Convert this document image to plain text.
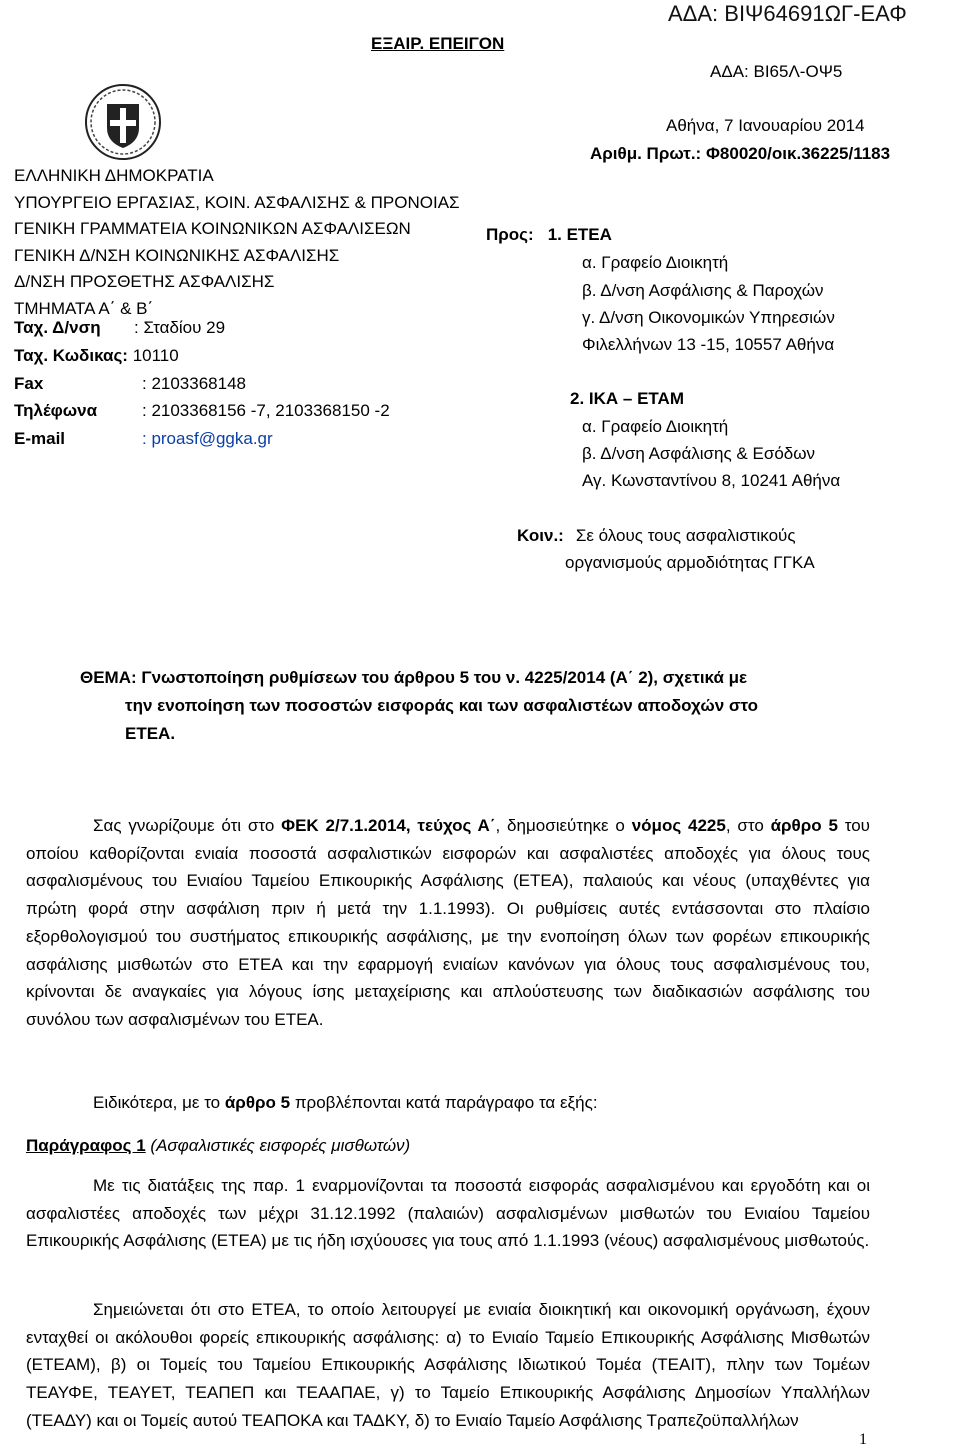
ΑΔΑ: ΒΙΨ64691ΩΓ-ΕΑΦ
ΕΞΑΙΡ. ΕΠΕΙΓΟΝ
ΑΔΑ: ΒΙ65Λ-ΟΨ5
ΕΛΛΗΝΙΚΗ ΔΗΜΟΚΡΑΤΙΑ
ΥΠΟΥΡΓΕΙΟ ΕΡΓΑΣΙΑΣ, ΚΟΙΝ. ΑΣΦΑΛΙΣΗΣ & ΠΡΟΝΟΙΑΣ
ΓΕΝΙΚΗ ΓΡΑΜΜΑΤΕΙΑ ΚΟΙΝΩΝΙΚΩΝ ΑΣΦΑΛΙΣΕΩΝ
ΓΕΝΙΚΗ Δ/ΝΣΗ ΚΟΙΝΩΝΙΚΗΣ ΑΣΦΑΛΙΣΗΣ
Δ/ΝΣΗ ΠΡΟΣΘΕΤΗΣ ΑΣΦΑΛΙΣΗΣ
ΤΜΗΜΑΤΑ Α΄ & Β΄
Ταχ. Δ/νση : Σταδίου 29
Ταχ. Κωδικας: 10110
Fax	: 2103368148
Τηλέφωνα	: 2103368156 -7, 2103368150 -2
E-mail	: proasf@ggka.gr
Αθήνα, 7 Ιανουαρίου 2014
Αριθμ. Πρωτ.: Φ80020/οικ.36225/1183
Προς: 1. ΕΤΕΑ
α. Γραφείο Διοικητή
β. Δ/νση Ασφάλισης & Παροχών
γ. Δ/νση Οικονομικών Υπηρεσιών
Φιλελλήνων 13 -15, 10557 Αθήνα
2. ΙΚΑ – ΕΤΑΜ
α. Γραφείο Διοικητή
β. Δ/νση Ασφάλισης & Εσόδων
Αγ. Κωνσταντίνου 8, 10241 Αθήνα
Κοιν.: Σε όλους τους ασφαλιστικούς
οργανισμούς αρμοδιότητας ΓΓΚΑ
ΘΕΜΑ: Γνωστοποίηση ρυθμίσεων του άρθρου 5 του ν. 4225/2014 (Α΄ 2), σχετικά με
την ενοποίηση των ποσοστών εισφοράς και των ασφαλιστέων αποδοχών στο
ΕΤΕΑ.

Σας γνωρίζουμε ότι στο ΦΕΚ 2/7.1.2014, τεύχος Α΄, δημοσιεύτηκε ο νόμος 4225, στο άρθρο 5 του οποίου καθορίζονται ενιαία ποσοστά ασφαλιστικών εισφορών και ασφαλιστέες αποδοχές για όλους τους ασφαλισμένους του Ενιαίου Ταμείου Επικουρικής Ασφάλισης (ΕΤΕΑ), παλαιούς και νέους (υπαχθέντες για πρώτη φορά στην ασφάλιση πριν ή μετά την 1.1.1993). Οι ρυθμίσεις αυτές εντάσσονται στο πλαίσιο εξορθολογισμού του συστήματος επικουρικής ασφάλισης, με την ενοποίηση όλων των φορέων επικουρικής ασφάλισης μισθωτών στο ΕΤΕΑ και την εφαρμογή ενιαίων κανόνων για όλους τους ασφαλισμένους του, κρίνονται δε αναγκαίες για λόγους ίσης μεταχείρισης και απλούστευσης των διαδικασιών ασφάλισης του συνόλου των ασφαλισμένων του ΕΤΕΑ.

Ειδικότερα, με το άρθρο 5 προβλέπονται κατά παράγραφο τα εξής:

Παράγραφος 1 (Ασφαλιστικές εισφορές μισθωτών)

Με τις διατάξεις της παρ. 1 εναρμονίζονται τα ποσοστά εισφοράς ασφαλισμένου και εργοδότη και οι ασφαλιστέες αποδοχές των μέχρι 31.12.1992 (παλαιών) ασφαλισμένων μισθωτών του Ενιαίου Ταμείου Επικουρικής Ασφάλισης (ΕΤΕΑ) με τις ήδη ισχύουσες για τους από 1.1.1993 (νέους) ασφαλισμένους μισθωτούς.

Σημειώνεται ότι στο ΕΤΕΑ, το οποίο λειτουργεί με ενιαία διοικητική και οικονομική οργάνωση, έχουν ενταχθεί οι ακόλουθοι φορείς επικουρικής ασφάλισης: α) το Ενιαίο Ταμείο Επικουρικής Ασφάλισης Μισθωτών (ΕΤΕΑΜ), β) οι Τομείς του Ταμείου Επικουρικής Ασφάλισης Ιδιωτικού Τομέα (ΤΕΑΙΤ), πλην των Τομέων ΤΕΑΥΦΕ, ΤΕΑΥΕΤ, ΤΕΑΠΕΠ και ΤΕΑΑΠΑΕ, γ) το Ταμείο Επικουρικής Ασφάλισης Δημοσίων Υπαλλήλων (ΤΕΑΔΥ) και οι Τομείς αυτού ΤΕΑΠΟΚΑ και ΤΑΔΚΥ, δ) το Ενιαίο Ταμείο Ασφάλισης Τραπεζοϋπαλλήλων

1
